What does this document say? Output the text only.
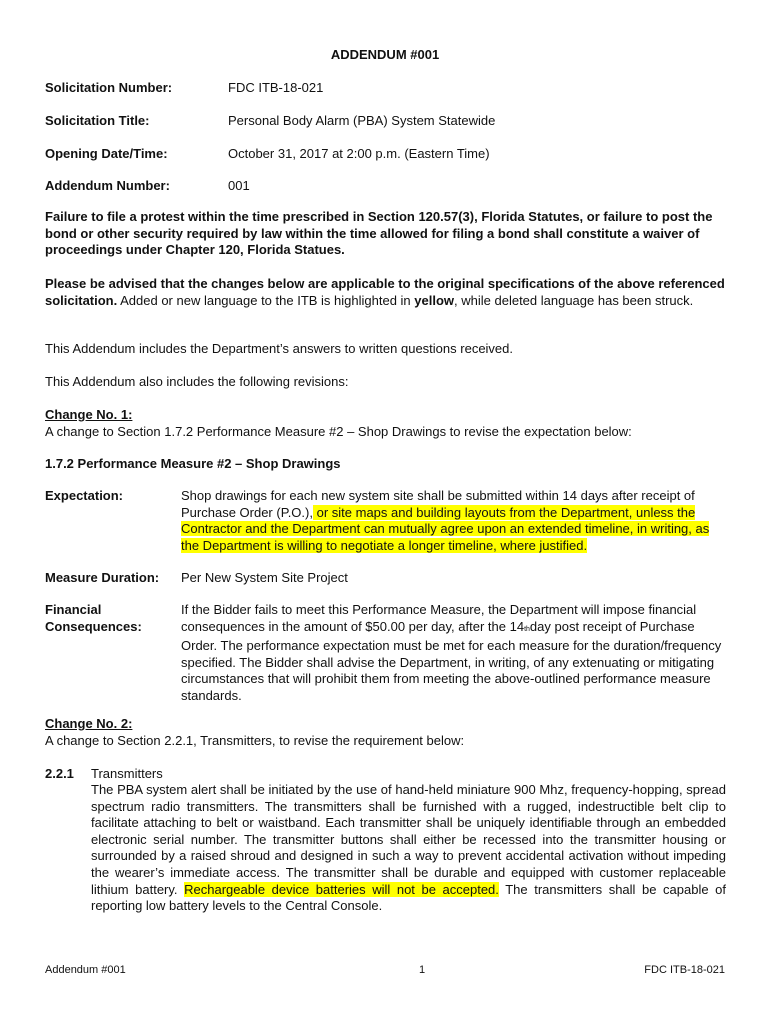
ADDENDUM #001
Solicitation Number:	FDC ITB-18-021
Solicitation Title:	Personal Body Alarm (PBA) System Statewide
Opening Date/Time:	October 31, 2017 at 2:00 p.m. (Eastern Time)
Addendum Number:	001
Failure to file a protest within the time prescribed in Section 120.57(3), Florida Statutes, or failure to post the bond or other security required by law within the time allowed for filing a bond shall constitute a waiver of proceedings under Chapter 120, Florida Statues.
Please be advised that the changes below are applicable to the original specifications of the above referenced solicitation. Added or new language to the ITB is highlighted in yellow, while deleted language has been struck.
This Addendum includes the Department’s answers to written questions received.
This Addendum also includes the following revisions:
Change No. 1:
A change to Section 1.7.2 Performance Measure #2 – Shop Drawings to revise the expectation below:
1.7.2 Performance Measure #2 – Shop Drawings
Expectation:	Shop drawings for each new system site shall be submitted within 14 days after receipt of Purchase Order (P.O.), or site maps and building layouts from the Department, unless the Contractor and the Department can mutually agree upon an extended timeline, in writing, as the Department is willing to negotiate a longer timeline, where justified.
Measure Duration: Per New System Site Project
Financial
Consequences:
If the Bidder fails to meet this Performance Measure, the Department will impose financial consequences in the amount of $50.00 per day, after the 14thday post receipt of Purchase Order. The performance expectation must be met for each measure for the duration/frequency specified. The Bidder shall advise the Department, in writing, of any extenuating or mitigating circumstances that will prohibit them from meeting the above-outlined performance measure standards.
Change No. 2:
A change to Section 2.2.1, Transmitters, to revise the requirement below:
2.2.1 Transmitters
The PBA system alert shall be initiated by the use of hand-held miniature 900 Mhz, frequency-hopping, spread spectrum radio transmitters. The transmitters shall be furnished with a rugged, indestructible belt clip to facilitate attaching to belt or waistband. Each transmitter shall be uniquely identifiable through an embedded electronic serial number. The transmitter buttons shall either be recessed into the transmitter housing or surrounded by a raised shroud and designed in such a way to prevent accidental activation without impeding the wearer’s immediate access. The transmitter shall be durable and equipped with customer replaceable lithium battery. Rechargeable device batteries will not be accepted. The transmitters shall be capable of reporting low battery levels to the Central Console.
Addendum #001	1	FDC ITB-18-021
